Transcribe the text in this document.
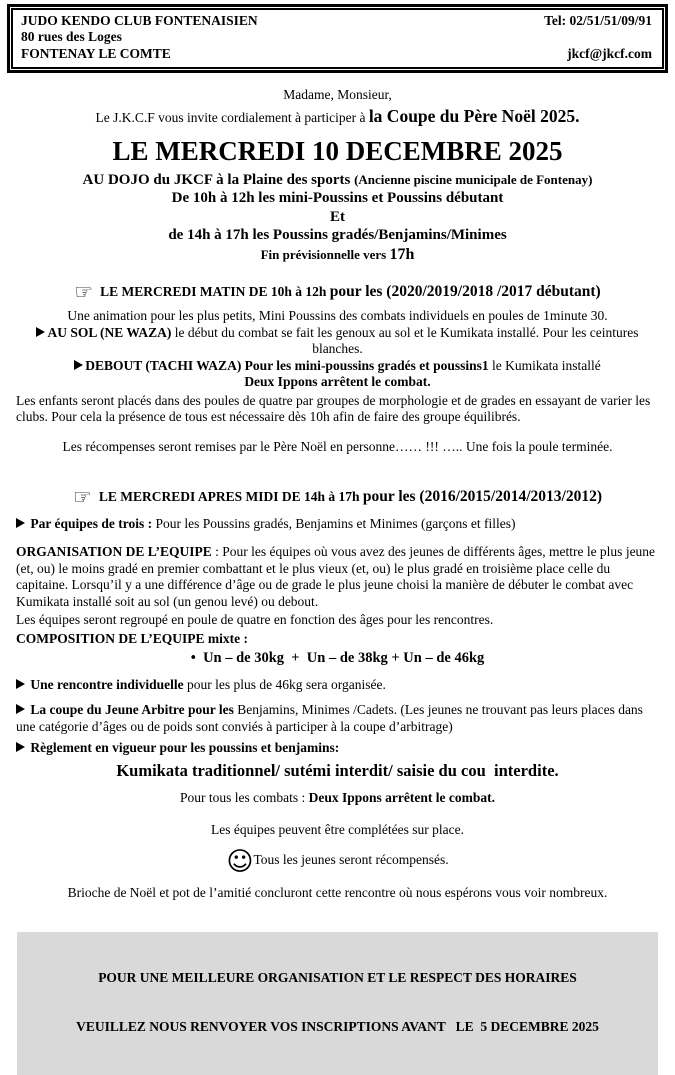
JUDO KENDO CLUB FONTENAISIEN
80 rues des Loges
FONTENAY LE COMTE
Tel: 02/51/51/09/91
jkcf@jkcf.com

Madame, Monsieur,

Le J.K.C.F vous invite cordialement à participer à la Coupe du Père Noël 2025.

LE MERCREDI 10 DECEMBRE 2025

AU DOJO du JKCF à la Plaine des sports (Ancienne piscine municipale de Fontenay)

De 10h à 12h les mini-Poussins et Poussins débutant

Et

de 14h à 17h les Poussins gradés/Benjamins/Minimes

Fin prévisionnelle vers 17h

☞ LE MERCREDI MATIN DE 10h à 12h pour les (2020/2019/2018 /2017 débutant)

Une animation pour les plus petits, Mini Poussins des combats individuels en poules de 1minute 30.

AU SOL (NE WAZA) le début du combat se fait les genoux au sol et le Kumikata installé. Pour les ceintures blanches.

DEBOUT (TACHI WAZA) Pour les mini-poussins gradés et poussins1 le Kumikata installé

Deux Ippons arrêtent le combat.

Les enfants seront placés dans des poules de quatre par groupes de morphologie et de grades en essayant de varier les clubs. Pour cela la présence de tous est nécessaire dès 10h afin de faire des groupe équilibrés.

Les récompenses seront remises par le Père Noël en personne…… !!! ….. Une fois la poule terminée.

☞ LE MERCREDI APRES MIDI DE 14h à 17h pour les (2016/2015/2014/2013/2012)

Par équipes de trois : Pour les Poussins gradés, Benjamins et Minimes (garçons et filles)

ORGANISATION DE L’EQUIPE : Pour les équipes où vous avez des jeunes de différents âges, mettre le plus jeune (et, ou) le moins gradé en premier combattant et le plus vieux (et, ou) le plus gradé en troisième place celle du capitaine. Lorsqu’il y a une différence d’âge ou de grade le plus jeune choisi la manière de débuter le combat avec Kumikata installé soit au sol (un genou levé) ou debout.

Les équipes seront regroupé en poule de quatre en fonction des âges pour les rencontres.

COMPOSITION DE L’EQUIPE mixte :

• Un – de 30kg  +  Un – de 38kg + Un – de 46kg

Une rencontre individuelle pour les plus de 46kg sera organisée.

La coupe du Jeune Arbitre pour les Benjamins, Minimes /Cadets. (Les jeunes ne trouvant pas leurs places dans une catégorie d’âges ou de poids sont conviés à participer à la coupe d’arbitrage)

Règlement en vigueur pour les poussins et benjamins:

Kumikata traditionnel/ sutémi interdit/ saisie du cou  interdite.

Pour tous les combats : Deux Ippons arrêtent le combat.

Les équipes peuvent être complétées sur place.

☺Tous les jeunes seront récompensés.

Brioche de Noël et pot de l’amitié concluront cette rencontre où nous espérons vous voir nombreux.

POUR UNE MEILLEURE ORGANISATION ET LE RESPECT DES HORAIRES

VEUILLEZ NOUS RENVOYER VOS INSCRIPTIONS AVANT   LE  5 DECEMBRE 2025
